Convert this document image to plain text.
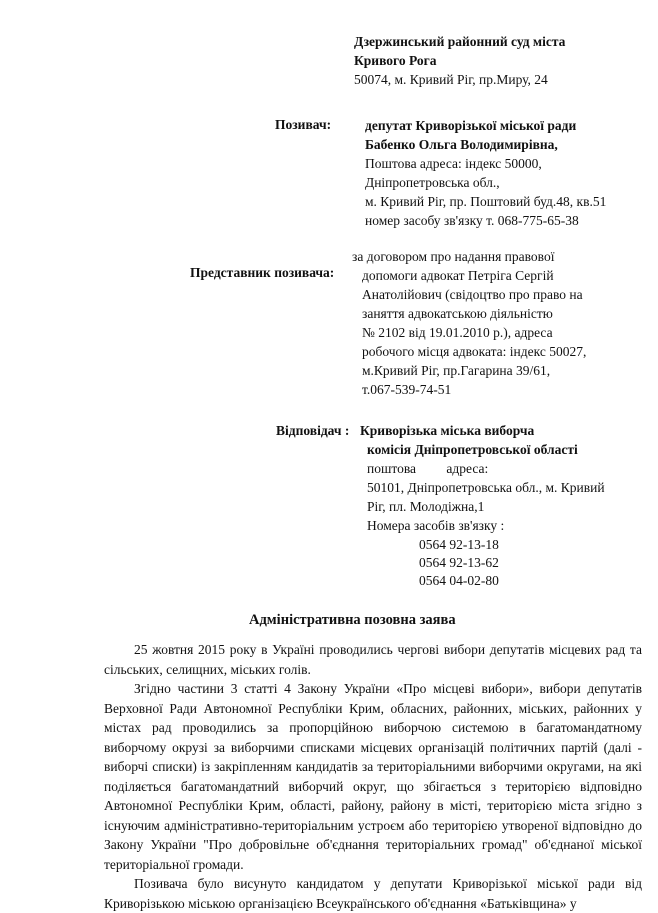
Дзержинський районний суд міста
Кривого Рога
50074, м. Кривий Ріг, пр.Миру, 24
Позивач:	депутат Криворізької міської ради
Бабенко Ольга Володимирівна,
Поштова адреса: індекс 50000,
Дніпропетровська обл.,
м. Кривий Ріг, пр. Поштовий буд.48, кв.51
номер засобу зв'язку т. 068-775-65-38
Представник позивача:
за договором про надання правової
допомоги адвокат Петріга Сергій
Анатолійович (свідоцтво про право на
заняття адвокатською діяльністю
№ 2102 від 19.01.2010 р.), адреса
робочого місця адвоката: індекс 50027,
м.Кривий Ріг, пр.Гагарина 39/61,
т.067-539-74-51
Відповідач : Криворізька міська виборча
комісія Дніпропетровської області
поштова         адреса:
50101, Дніпропетровська обл., м. Кривий
Ріг, пл. Молодіжна,1
Номера засобів зв'язку :
0564 92-13-18
0564 92-13-62
0564 04-02-80
Адміністративна позовна заява

25 жовтня 2015 року в Україні проводились чергові вибори депутатів місцевих рад та сільських, селищних, міських голів.

Згідно частини 3 статті 4 Закону України «Про місцеві вибори», вибори депутатів Верховної Ради Автономної Республіки Крим, обласних, районних, міських, районних у містах рад проводились за пропорційною виборчою системою в багатомандатному виборчому окрузі за виборчими списками місцевих організацій політичних партій (далі - виборчі списки) із закріпленням кандидатів за територіальними виборчими округами, на які поділяється багатомандатний виборчий округ, що збігається з територією відповідно Автономної Республіки Крим, області, району, району в місті, територією міста згідно з існуючим адміністративно-територіальним устроєм або територією утвореної відповідно до Закону України "Про добровільне об'єднання територіальних громад" об'єднаної міської територіальної громади.

Позивача було висунуто кандидатом у депутати Криворізької міської ради від Криворізькою міською організацією Всеукраїнського об'єднання «Батьківщина» у
